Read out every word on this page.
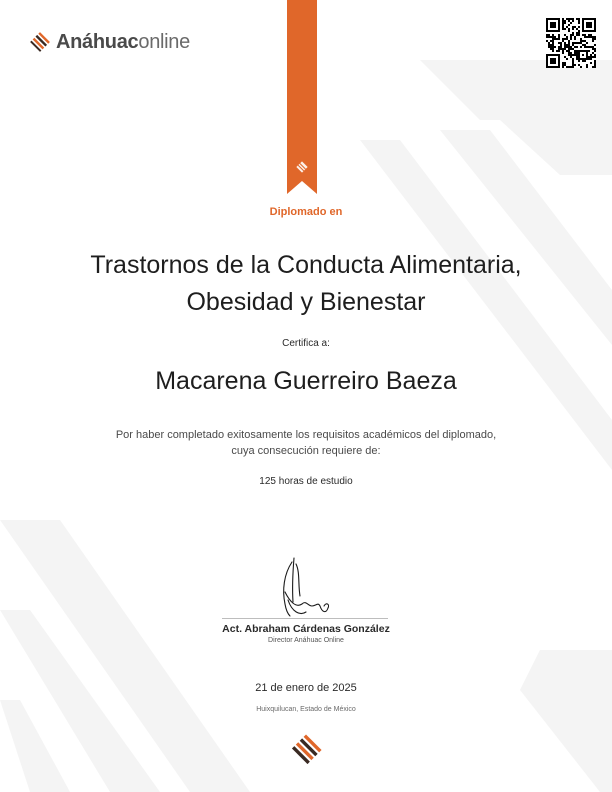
Anáhuaconline
Diplomado en
Trastornos de la Conducta Alimentaria,
Obesidad y Bienestar
Certifica a:
Macarena Guerreiro Baeza
Por haber completado exitosamente los requisitos académicos del diplomado,
cuya consecución requiere de:
125 horas de estudio
Act. Abraham Cárdenas González
Director Anáhuac Online
21 de enero de 2025
Huixquilucan, Estado de México
